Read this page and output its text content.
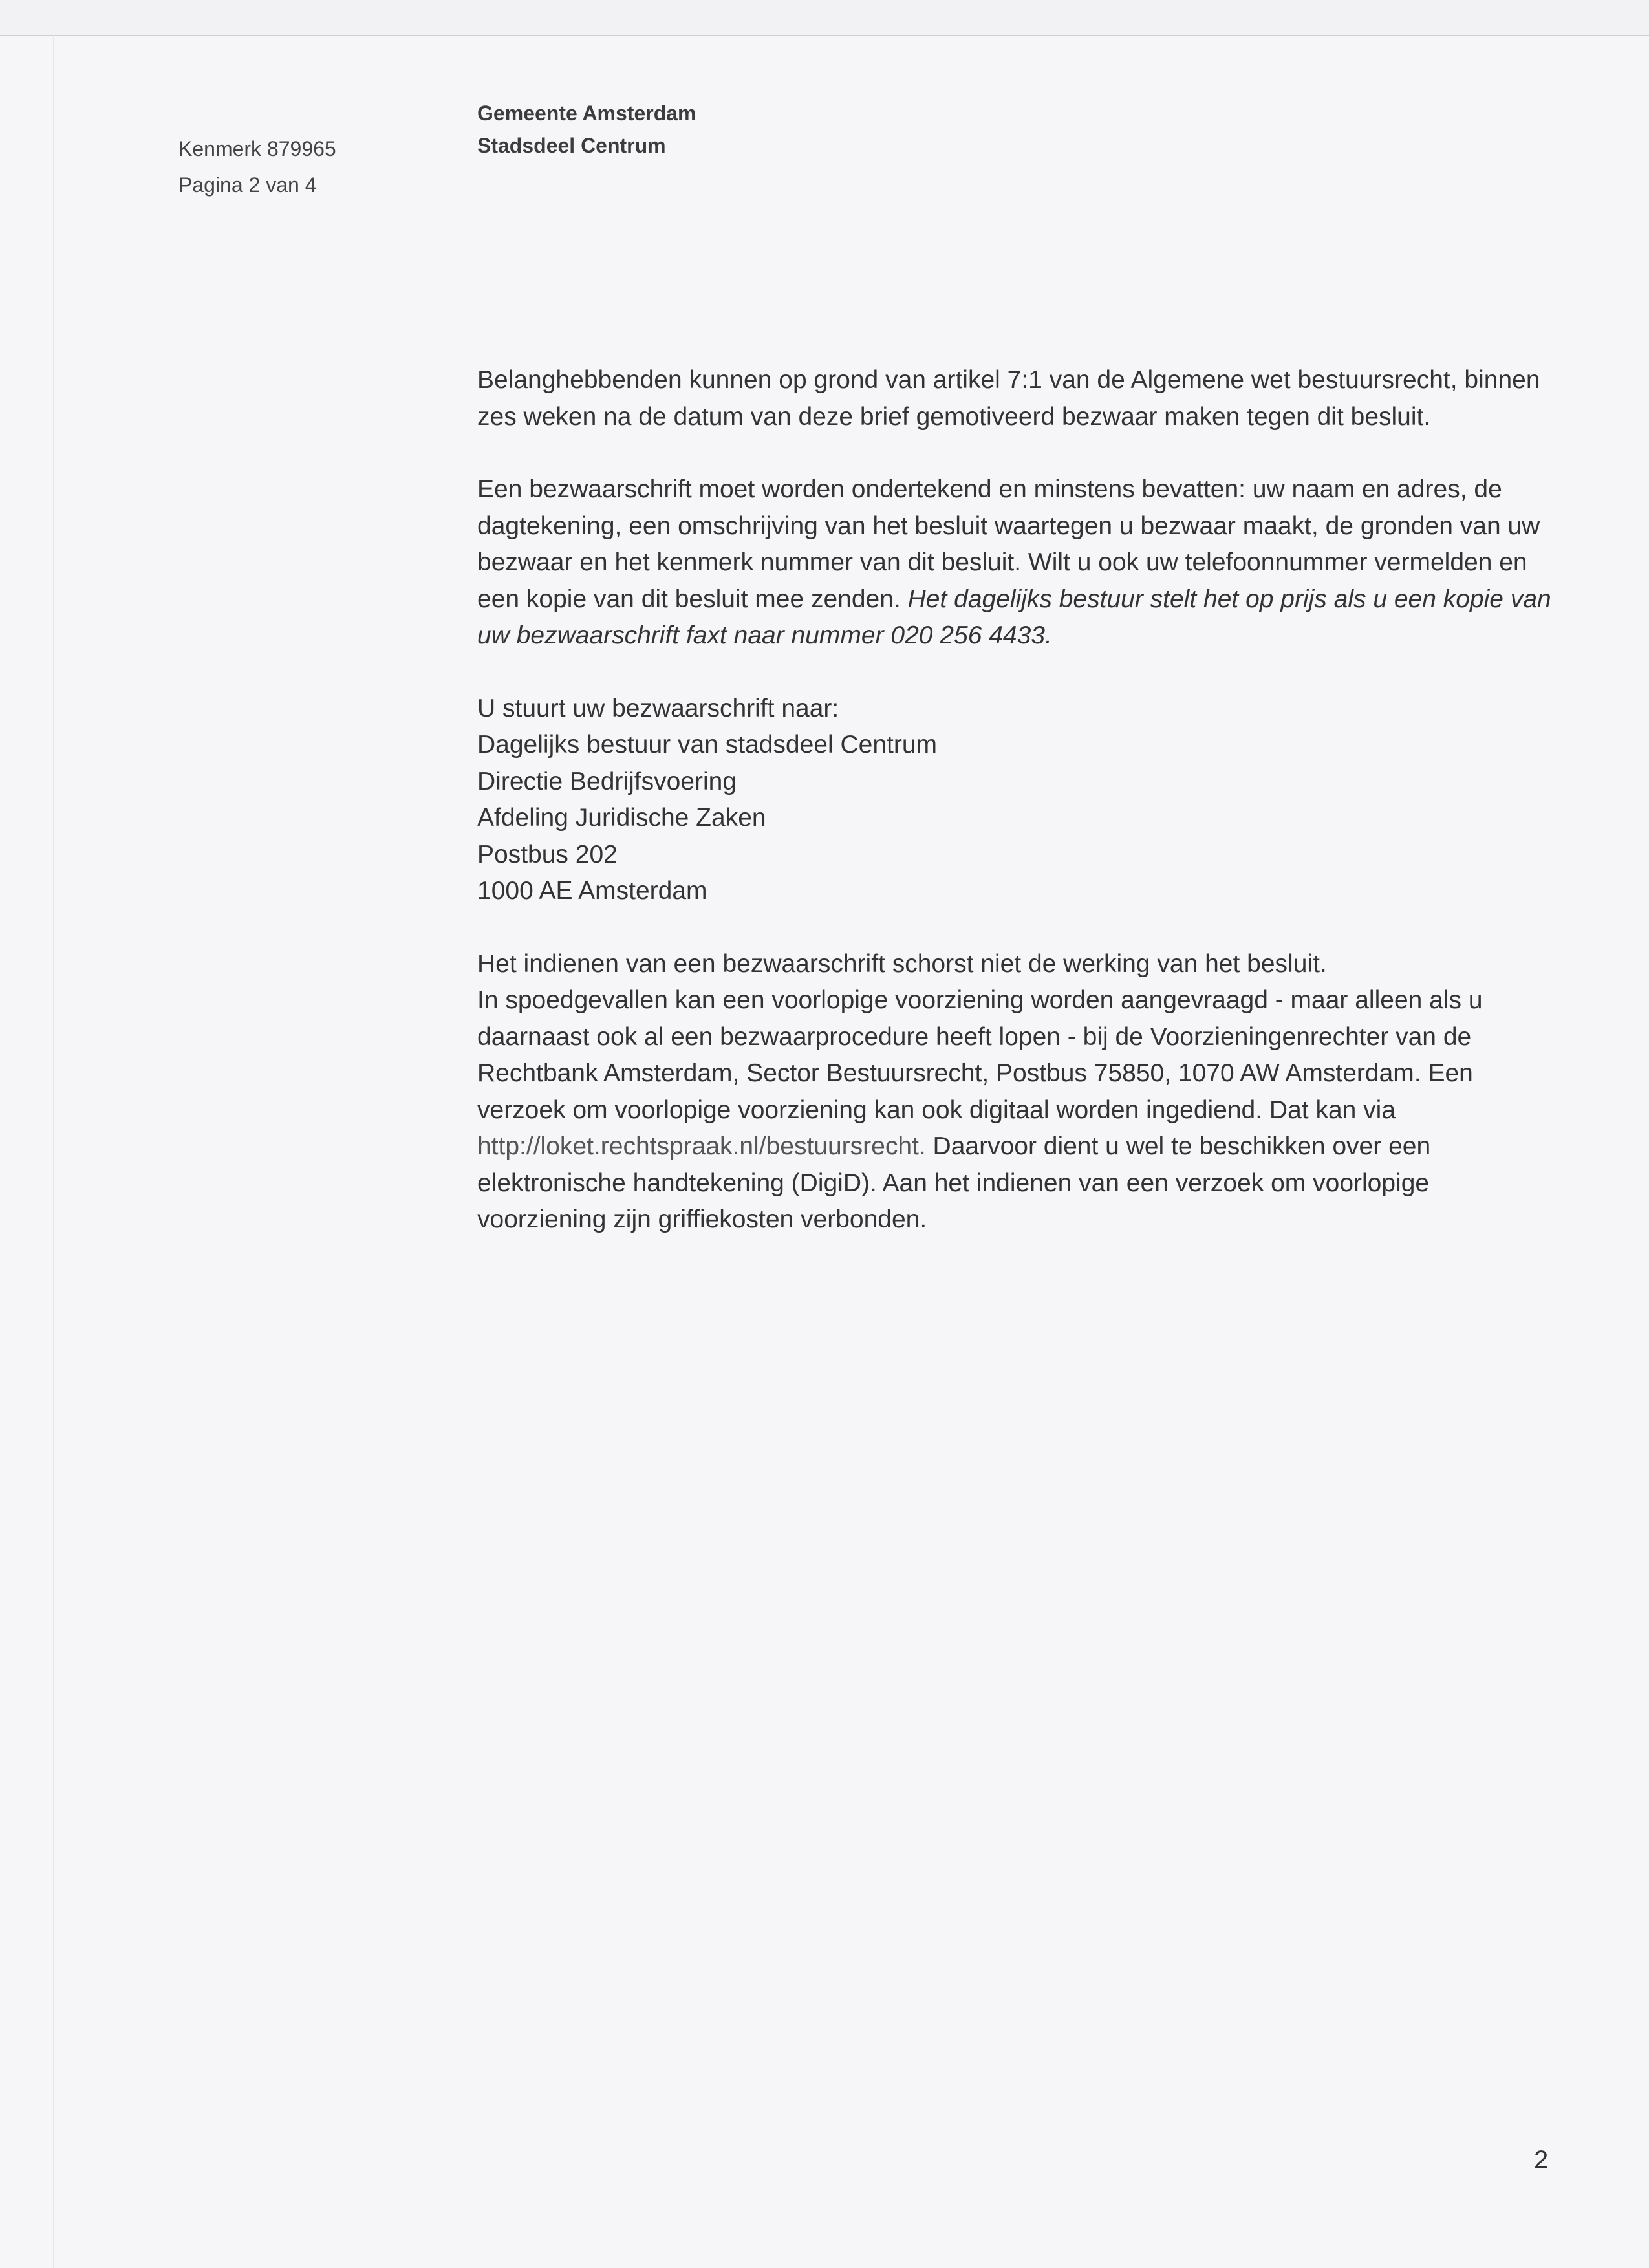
Kenmerk 879965
Pagina 2 van 4
Gemeente Amsterdam
Stadsdeel Centrum

Belanghebbenden kunnen op grond van artikel 7:1 van de Algemene wet bestuursrecht, binnen zes weken na de datum van deze brief gemotiveerd bezwaar maken tegen dit besluit.

Een bezwaarschrift moet worden ondertekend en minstens bevatten: uw naam en adres, de dagtekening, een omschrijving van het besluit waartegen u bezwaar maakt, de gronden van uw bezwaar en het kenmerk nummer van dit besluit. Wilt u ook uw telefoonnummer vermelden en een kopie van dit besluit mee zenden. Het dagelijks bestuur stelt het op prijs als u een kopie van uw bezwaarschrift faxt naar nummer 020 256 4433.

U stuurt uw bezwaarschrift naar:
Dagelijks bestuur van stadsdeel Centrum
Directie Bedrijfsvoering
Afdeling Juridische Zaken
Postbus 202
1000 AE Amsterdam

Het indienen van een bezwaarschrift schorst niet de werking van het besluit.
In spoedgevallen kan een voorlopige voorziening worden aangevraagd - maar alleen als u daarnaast ook al een bezwaarprocedure heeft lopen - bij de Voorzieningenrechter van de Rechtbank Amsterdam, Sector Bestuursrecht, Postbus 75850, 1070 AW Amsterdam. Een verzoek om voorlopige voorziening kan ook digitaal worden ingediend. Dat kan via http://loket.rechtspraak.nl/bestuursrecht. Daarvoor dient u wel te beschikken over een elektronische handtekening (DigiD). Aan het indienen van een verzoek om voorlopige voorziening zijn griffiekosten verbonden.

2
